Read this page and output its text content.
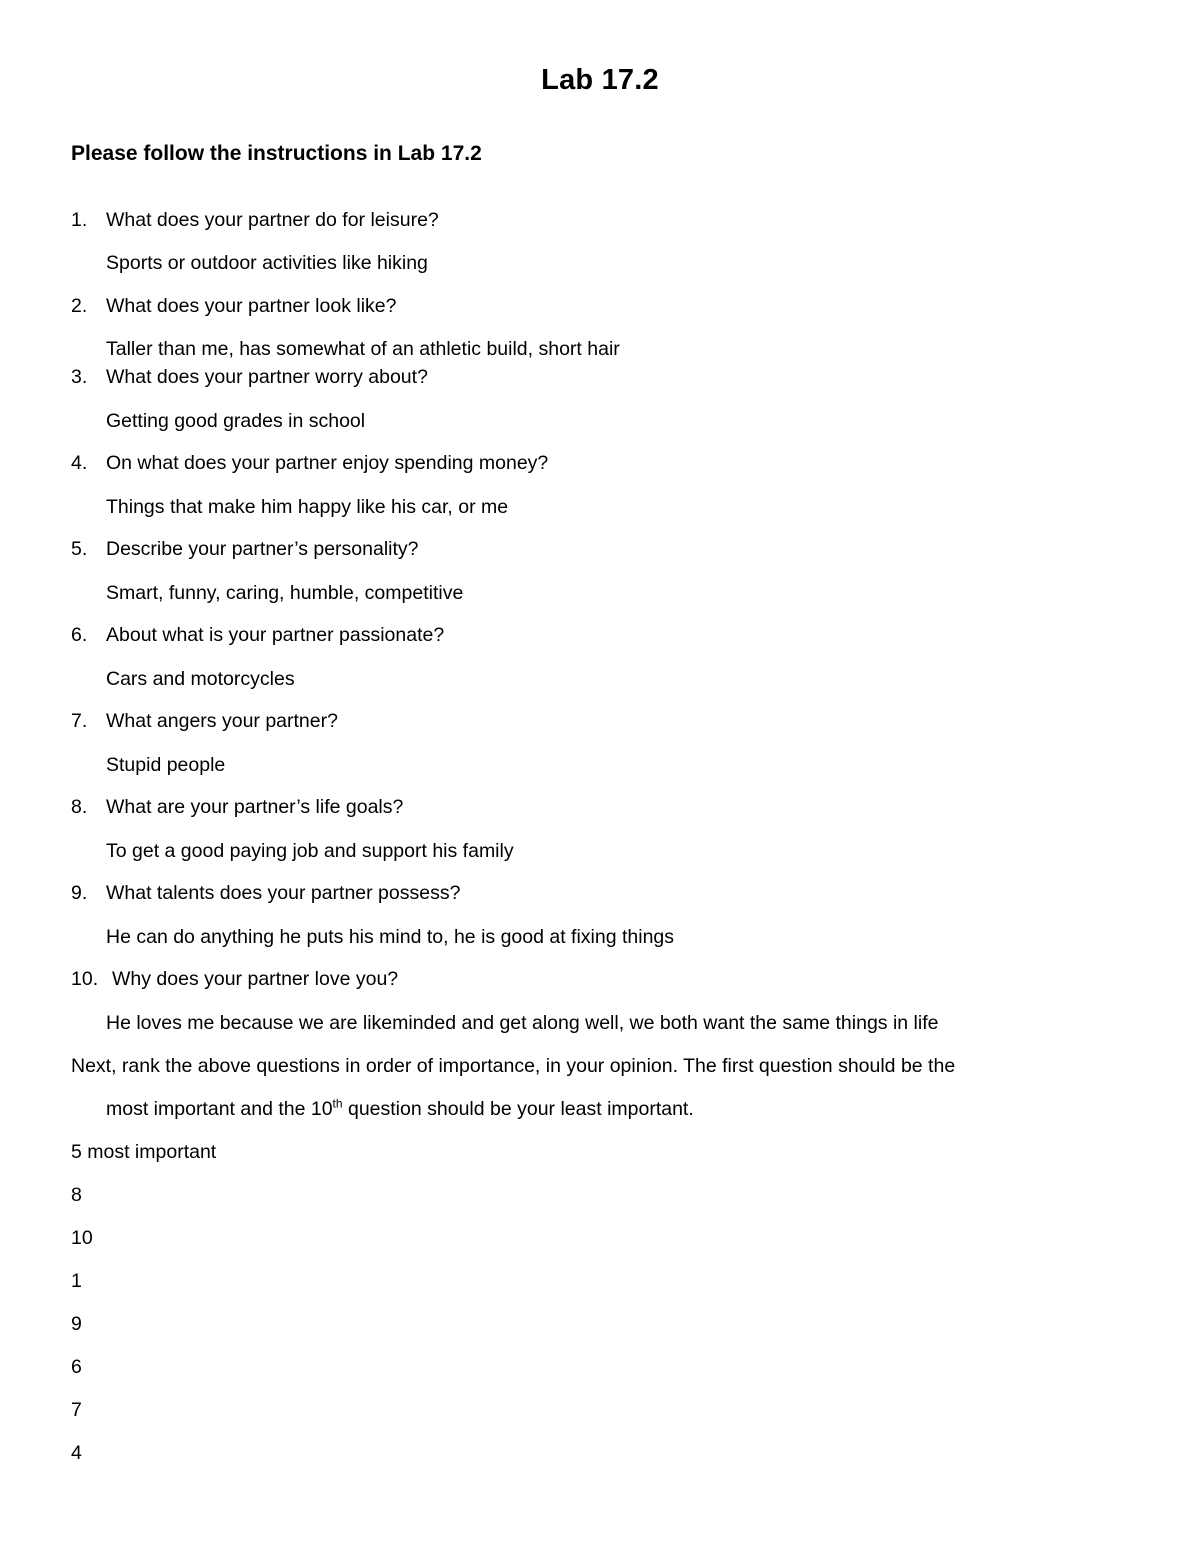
Lab 17.2
Please follow the instructions in Lab 17.2
1. What does your partner do for leisure?
Sports or outdoor activities like hiking
2. What does your partner look like?
Taller than me, has somewhat of an athletic build, short hair
3. What does your partner worry about?
Getting good grades in school
4. On what does your partner enjoy spending money?
Things that make him happy like his car, or me
5. Describe your partner’s personality?
Smart, funny, caring, humble, competitive
6. About what is your partner passionate?
Cars and motorcycles
7. What angers your partner?
Stupid people
8. What are your partner’s life goals?
To get a good paying job and support his family
9. What talents does your partner possess?
He can do anything he puts his mind to, he is good at fixing things
10. Why does your partner love you?
He loves me because we are likeminded and get along well, we both want the same things in life
Next, rank the above questions in order of importance, in your opinion. The first question should be the
most important and the 10th question should be your least important.
5 most important
8
10
1
9
6
7
4
